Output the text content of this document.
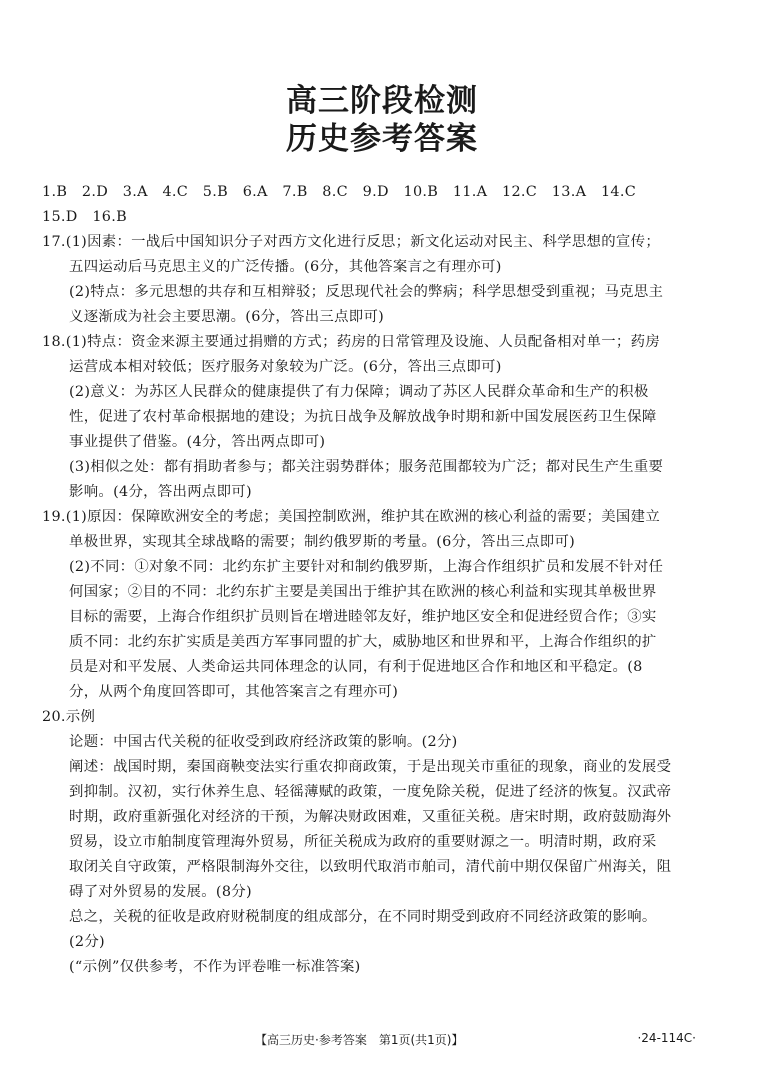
高三阶段检测
历史参考答案
1.B　2.D　3.A　4.C　5.B　6.A　7.B　8.C　9.D　10.B　11.A　12.C　13.A　14.C
15.D　16.B
17.(1)因素：一战后中国知识分子对西方文化进行反思；新文化运动对民主、科学思想的宣传；
五四运动后马克思主义的广泛传播。(6分，其他答案言之有理亦可)
(2)特点：多元思想的共存和互相辩驳；反思现代社会的弊病；科学思想受到重视；马克思主
义逐渐成为社会主要思潮。(6分，答出三点即可)
18.(1)特点：资金来源主要通过捐赠的方式；药房的日常管理及设施、人员配备相对单一；药房
运营成本相对较低；医疗服务对象较为广泛。(6分，答出三点即可)
(2)意义：为苏区人民群众的健康提供了有力保障；调动了苏区人民群众革命和生产的积极
性，促进了农村革命根据地的建设；为抗日战争及解放战争时期和新中国发展医药卫生保障
事业提供了借鉴。(4分，答出两点即可)
(3)相似之处：都有捐助者参与；都关注弱势群体；服务范围都较为广泛；都对民生产生重要
影响。(4分，答出两点即可)
19.(1)原因：保障欧洲安全的考虑；美国控制欧洲，维护其在欧洲的核心利益的需要；美国建立
单极世界，实现其全球战略的需要；制约俄罗斯的考量。(6分，答出三点即可)
(2)不同：①对象不同：北约东扩主要针对和制约俄罗斯，上海合作组织扩员和发展不针对任
何国家；②目的不同：北约东扩主要是美国出于维护其在欧洲的核心利益和实现其单极世界
目标的需要，上海合作组织扩员则旨在增进睦邻友好，维护地区安全和促进经贸合作；③实
质不同：北约东扩实质是美西方军事同盟的扩大，威胁地区和世界和平，上海合作组织的扩
员是对和平发展、人类命运共同体理念的认同，有利于促进地区合作和地区和平稳定。(8
分，从两个角度回答即可，其他答案言之有理亦可)
20.示例
论题：中国古代关税的征收受到政府经济政策的影响。(2分)
阐述：战国时期，秦国商鞅变法实行重农抑商政策，于是出现关市重征的现象，商业的发展受
到抑制。汉初，实行休养生息、轻徭薄赋的政策，一度免除关税，促进了经济的恢复。汉武帝
时期，政府重新强化对经济的干预，为解决财政困难，又重征关税。唐宋时期，政府鼓励海外
贸易，设立市舶制度管理海外贸易，所征关税成为政府的重要财源之一。明清时期，政府采
取闭关自守政策，严格限制海外交往，以致明代取消市舶司，清代前中期仅保留广州海关，阻
碍了对外贸易的发展。(8分)
总之，关税的征收是政府财税制度的组成部分，在不同时期受到政府不同经济政策的影响。
(2分)
(“示例”仅供参考，不作为评卷唯一标准答案)
【高三历史·参考答案　第1页(共1页)】	·24-114C·
